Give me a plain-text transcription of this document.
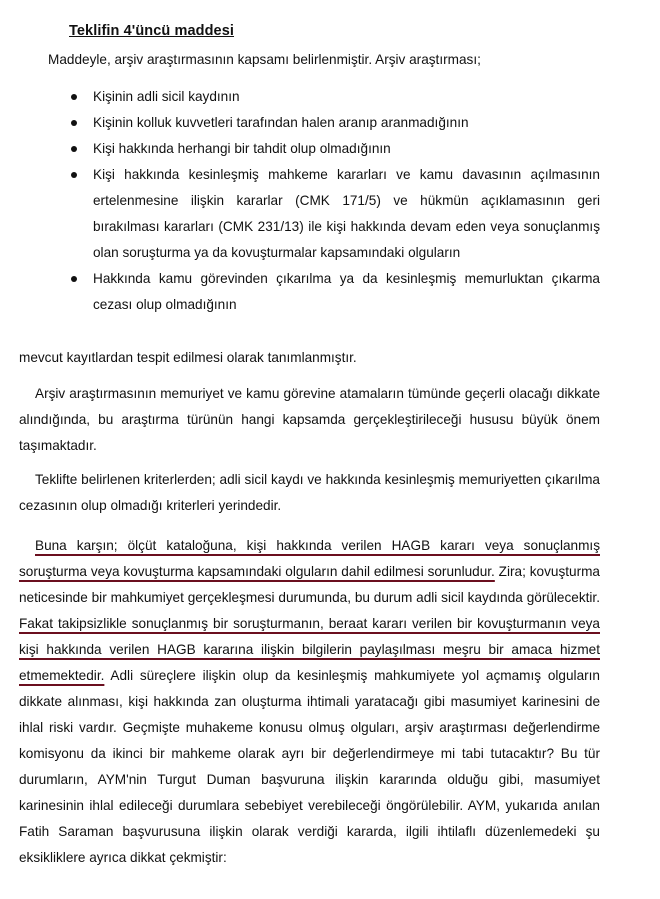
Teklifin 4'üncü maddesi
Maddeyle, arşiv araştırmasının kapsamı belirlenmiştir. Arşiv araştırması;
Kişinin adli sicil kaydının
Kişinin kolluk kuvvetleri tarafından halen aranıp aranmadığının
Kişi hakkında herhangi bir tahdit olup olmadığının
Kişi hakkında kesinleşmiş mahkeme kararları ve kamu davasının açılmasının ertelenmesine ilişkin kararlar (CMK 171/5) ve hükmün açıklamasının geri bırakılması kararları (CMK 231/13) ile kişi hakkında devam eden veya sonuçlanmış olan soruşturma ya da kovuşturmalar kapsamındaki olguların
Hakkında kamu görevinden çıkarılma ya da kesinleşmiş memurluktan çıkarma cezası olup olmadığının
mevcut kayıtlardan tespit edilmesi olarak tanımlanmıştır.
Arşiv araştırmasının memuriyet ve kamu görevine atamaların tümünde geçerli olacağı dikkate alındığında, bu araştırma türünün hangi kapsamda gerçekleştirileceği hususu büyük önem taşımaktadır.
Teklifte belirlenen kriterlerden; adli sicil kaydı ve hakkında kesinleşmiş memuriyetten çıkarılma cezasının olup olmadığı kriterleri yerindedir.
Buna karşın; ölçüt kataloğuna, kişi hakkında verilen HAGB kararı veya sonuçlanmış soruşturma veya kovuşturma kapsamındaki olguların dahil edilmesi sorunludur. Zira; kovuşturma neticesinde bir mahkumiyet gerçekleşmesi durumunda, bu durum adli sicil kaydında görülecektir. Fakat takipsizlikle sonuçlanmış bir soruşturmanın, beraat kararı verilen bir kovuşturmanın veya kişi hakkında verilen HAGB kararına ilişkin bilgilerin paylaşılması meşru bir amaca hizmet etmemektedir. Adli süreçlere ilişkin olup da kesinleşmiş mahkumiyete yol açmamış olguların dikkate alınması, kişi hakkında zan oluşturma ihtimali yaratacağı gibi masumiyet karinesini de ihlal riski vardır. Geçmişte muhakeme konusu olmuş olguları, arşiv araştırması değerlendirme komisyonu da ikinci bir mahkeme olarak ayrı bir değerlendirmeye mi tabi tutacaktır? Bu tür durumların, AYM'nin Turgut Duman başvuruna ilişkin kararında olduğu gibi, masumiyet karinesinin ihlal edileceği durumlara sebebiyet verebileceği öngörülebilir. AYM, yukarıda anılan Fatih Saraman başvurusuna ilişkin olarak verdiği kararda, ilgili ihtilaflı düzenlemedeki şu eksikliklere ayrıca dikkat çekmiştir:
